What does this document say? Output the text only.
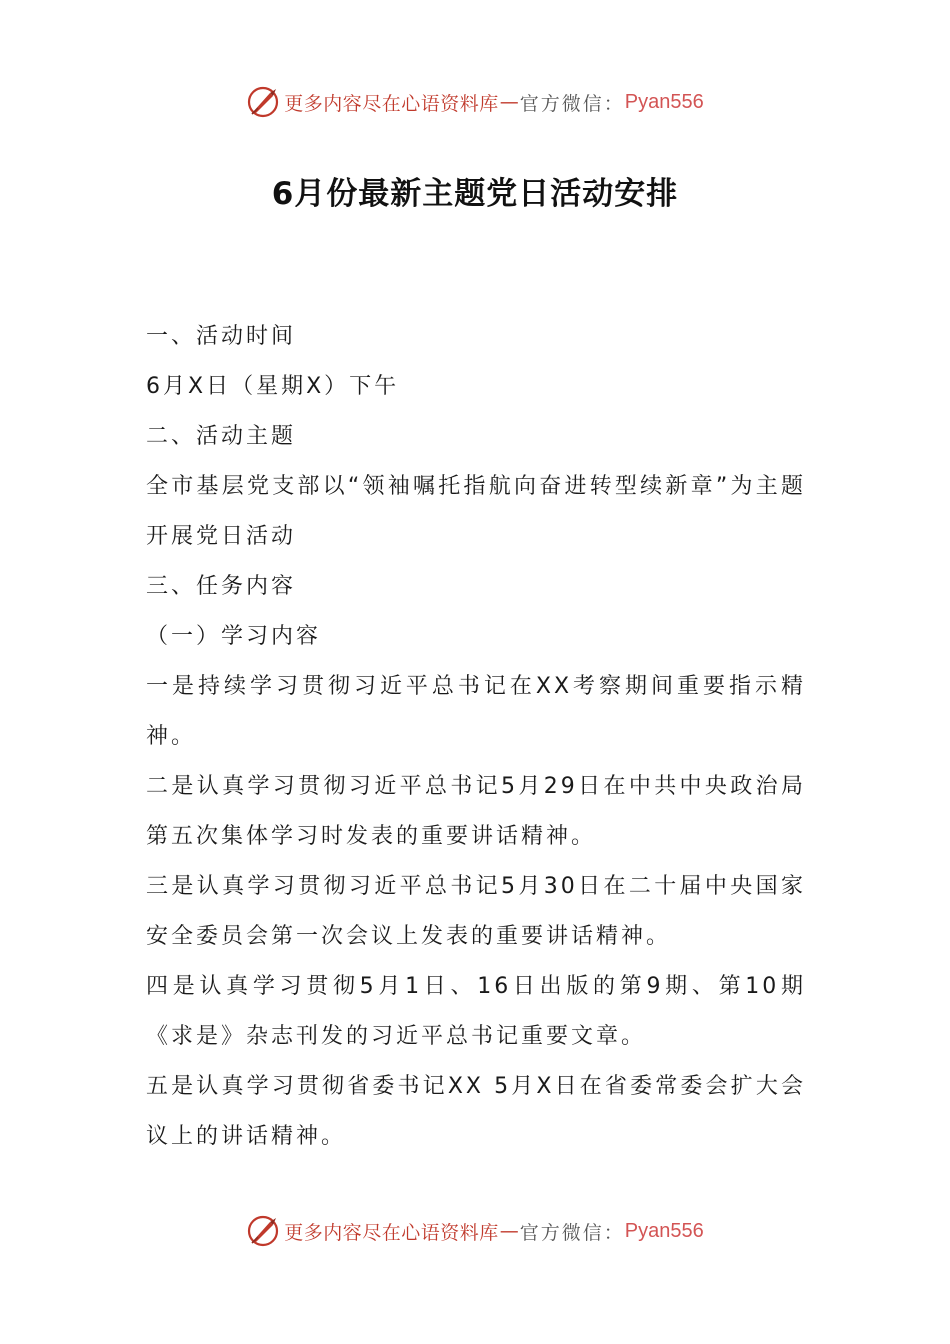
更多内容尽在心语资料库 — 官方微信： Pyan556
6月份最新主题党日活动安排

一、活动时间

6月X日（星期X）下午

二、活动主题

全市基层党支部以“领袖嘱托指航向奋进转型续新章”为主题开展党日活动

三、任务内容

（一）学习内容

一是持续学习贯彻习近平总书记在XX考察期间重要指示精神。

二是认真学习贯彻习近平总书记5月29日在中共中央政治局第五次集体学习时发表的重要讲话精神。

三是认真学习贯彻习近平总书记5月30日在二十届中央国家安全委员会第一次会议上发表的重要讲话精神。

四是认真学习贯彻5月1日、16日出版的第9期、第10期《求是》杂志刊发的习近平总书记重要文章。

五是认真学习贯彻省委书记XX 5月X日在省委常委会扩大会议上的讲话精神。

更多内容尽在心语资料库 — 官方微信： Pyan556
